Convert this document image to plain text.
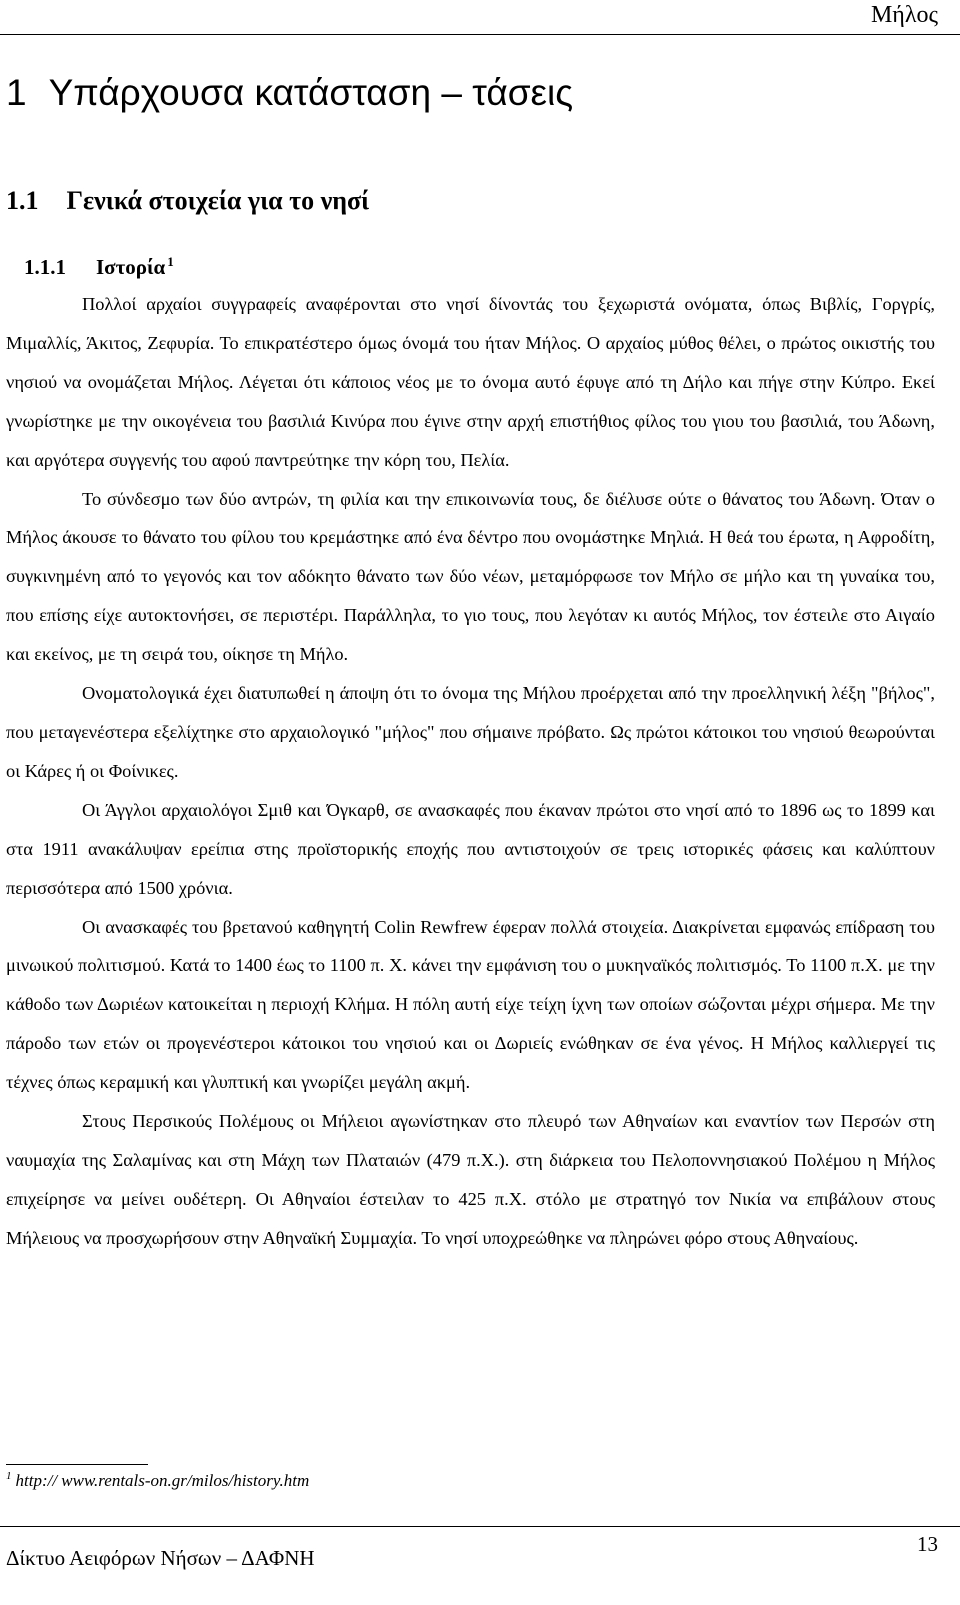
Μήλος
1 Υπάρχουσα κατάσταση – τάσεις
1.1 Γενικά στοιχεία για το νησί
1.1.1 Ιστορία $^1$

Πολλοί αρχαίοι συγγραφείς αναφέρονται στο νησί δίνοντάς του ξεχωριστά ονόματα, όπως Βιβλίς, Γοργρίς, Μιμαλλίς, Άκιτος, Ζεφυρία. Το επικρατέστερο όμως όνομά του ήταν Μήλος. Ο αρχαίος μύθος θέλει, ο πρώτος οικιστής του νησιού να ονομάζεται Μήλος. Λέγεται ότι κάποιος νέος με το όνομα αυτό έφυγε από τη Δήλο και πήγε στην Κύπρο. Εκεί γνωρίστηκε με την οικογένεια του βασιλιά Κινύρα που έγινε στην αρχή επιστήθιος φίλος του γιου του βασιλιά, του Άδωνη, και αργότερα συγγενής του αφού παντρεύτηκε την κόρη του, Πελία.

Το σύνδεσμο των δύο αντρών, τη φιλία και την επικοινωνία τους, δε διέλυσε ούτε ο θάνατος του Άδωνη. Όταν ο Μήλος άκουσε το θάνατο του φίλου του κρεμάστηκε από ένα δέντρο που ονομάστηκε Μηλιά. Η θεά του έρωτα, η Αφροδίτη, συγκινημένη από το γεγονός και τον αδόκητο θάνατο των δύο νέων, μεταμόρφωσε τον Μήλο σε μήλο και τη γυναίκα του, που επίσης είχε αυτοκτονήσει, σε περιστέρι. Παράλληλα, το γιο τους, που λεγόταν κι αυτός Μήλος, τον έστειλε στο Αιγαίο και εκείνος, με τη σειρά του, οίκησε τη Μήλο.

Ονοματολογικά έχει διατυπωθεί η άποψη ότι το όνομα της Μήλου προέρχεται από την προελληνική λέξη "βήλος", που μεταγενέστερα εξελίχτηκε στο αρχαιολογικό "μήλος" που σήμαινε πρόβατο. Ως πρώτοι κάτοικοι του νησιού θεωρούνται οι Κάρες ή οι Φοίνικες.

Οι Άγγλοι αρχαιολόγοι Σμιθ και Όγκαρθ, σε ανασκαφές που έκαναν πρώτοι στο νησί από το 1896 ως το 1899 και στα 1911 ανακάλυψαν ερείπια στης προϊστορικής εποχής που αντιστοιχούν σε τρεις ιστορικές φάσεις και καλύπτουν περισσότερα από 1500 χρόνια.

Οι ανασκαφές του βρετανού καθηγητή Colin Rewfrew έφεραν πολλά στοιχεία. Διακρίνεται εμφανώς επίδραση του μινωικού πολιτισμού. Κατά το 1400 έως το 1100 π. Χ. κάνει την εμφάνιση του ο μυκηναϊκός πολιτισμός. Το 1100 π.Χ. με την κάθοδο των Δωριέων κατοικείται η περιοχή Κλήμα. Η πόλη αυτή είχε τείχη ίχνη των οποίων σώζονται μέχρι σήμερα. Με την πάροδο των ετών οι προγενέστεροι κάτοικοι του νησιού και οι Δωριείς ενώθηκαν σε ένα γένος. Η Μήλος καλλιεργεί τις τέχνες όπως κεραμική και γλυπτική και γνωρίζει μεγάλη ακμή.

Στους Περσικούς Πολέμους οι Μήλειοι αγωνίστηκαν στο πλευρό των Αθηναίων και εναντίον των Περσών στη ναυμαχία της Σαλαμίνας και στη Μάχη των Πλαταιών (479 π.Χ.). στη διάρκεια του Πελοποννησιακού Πολέμου η Μήλος επιχείρησε να μείνει ουδέτερη. Οι Αθηναίοι έστειλαν το 425 π.Χ. στόλο με στρατηγό τον Νικία να επιβάλουν στους Μήλειους να προσχωρήσουν στην Αθηναϊκή Συμμαχία. Το νησί υποχρεώθηκε να πληρώνει φόρο στους Αθηναίους.

$^1$ http:// www.rentals-on.gr/milos/history.htm
Δίκτυο Αειφόρων Νήσων – ΔΑΦΝΗ
13
